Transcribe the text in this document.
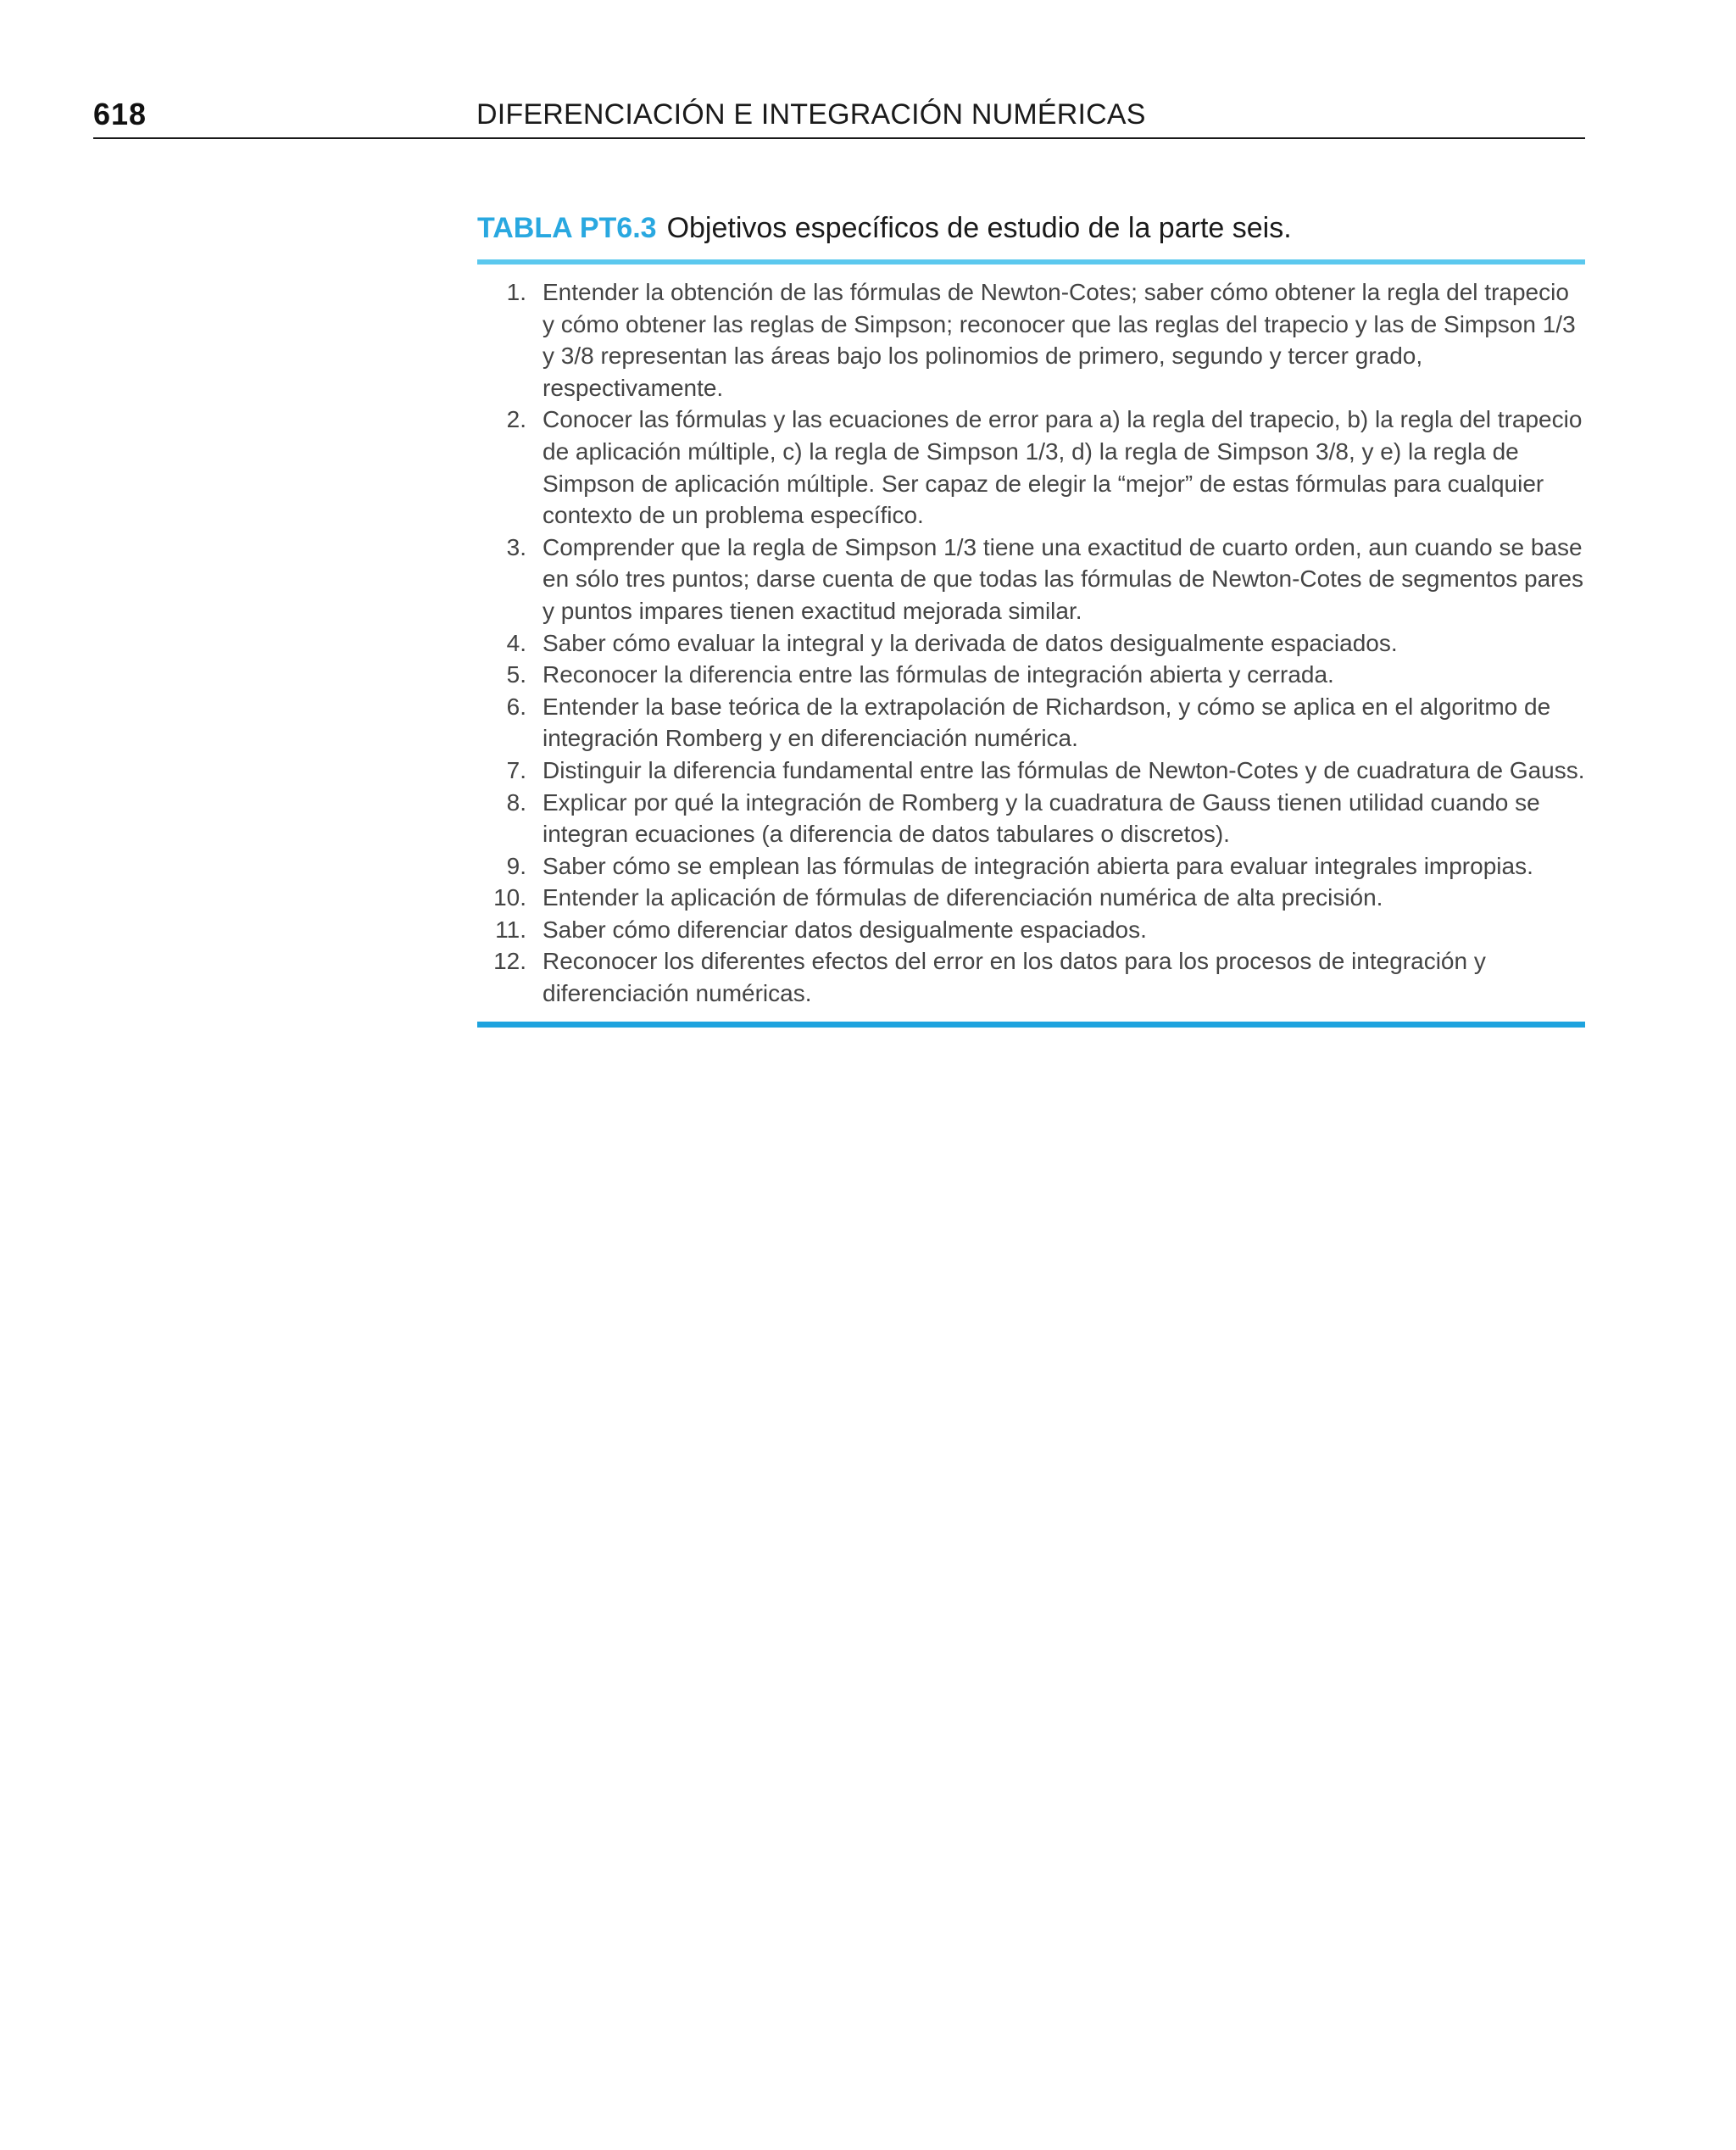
618	DIFERENCIACIÓN E INTEGRACIÓN NUMÉRICAS
TABLA PT6.3 Objetivos específicos de estudio de la parte seis.
1. Entender la obtención de las fórmulas de Newton-Cotes; saber cómo obtener la regla del trapecio y cómo obtener las reglas de Simpson; reconocer que las reglas del trapecio y las de Simpson 1/3 y 3/8 representan las áreas bajo los polinomios de primero, segundo y tercer grado, respectivamente.
2. Conocer las fórmulas y las ecuaciones de error para a) la regla del trapecio, b) la regla del trapecio de aplicación múltiple, c) la regla de Simpson 1/3, d) la regla de Simpson 3/8, y e) la regla de Simpson de aplicación múltiple. Ser capaz de elegir la “mejor” de estas fórmulas para cualquier contexto de un problema específico.
3. Comprender que la regla de Simpson 1/3 tiene una exactitud de cuarto orden, aun cuando se base en sólo tres puntos; darse cuenta de que todas las fórmulas de Newton-Cotes de segmentos pares y puntos impares tienen exactitud mejorada similar.
4. Saber cómo evaluar la integral y la derivada de datos desigualmente espaciados.
5. Reconocer la diferencia entre las fórmulas de integración abierta y cerrada.
6. Entender la base teórica de la extrapolación de Richardson, y cómo se aplica en el algoritmo de integración Romberg y en diferenciación numérica.
7. Distinguir la diferencia fundamental entre las fórmulas de Newton-Cotes y de cuadratura de Gauss.
8. Explicar por qué la integración de Romberg y la cuadratura de Gauss tienen utilidad cuando se integran ecuaciones (a diferencia de datos tabulares o discretos).
9. Saber cómo se emplean las fórmulas de integración abierta para evaluar integrales impropias.
10. Entender la aplicación de fórmulas de diferenciación numérica de alta precisión.
11. Saber cómo diferenciar datos desigualmente espaciados.
12. Reconocer los diferentes efectos del error en los datos para los procesos de integración y diferenciación numéricas.
